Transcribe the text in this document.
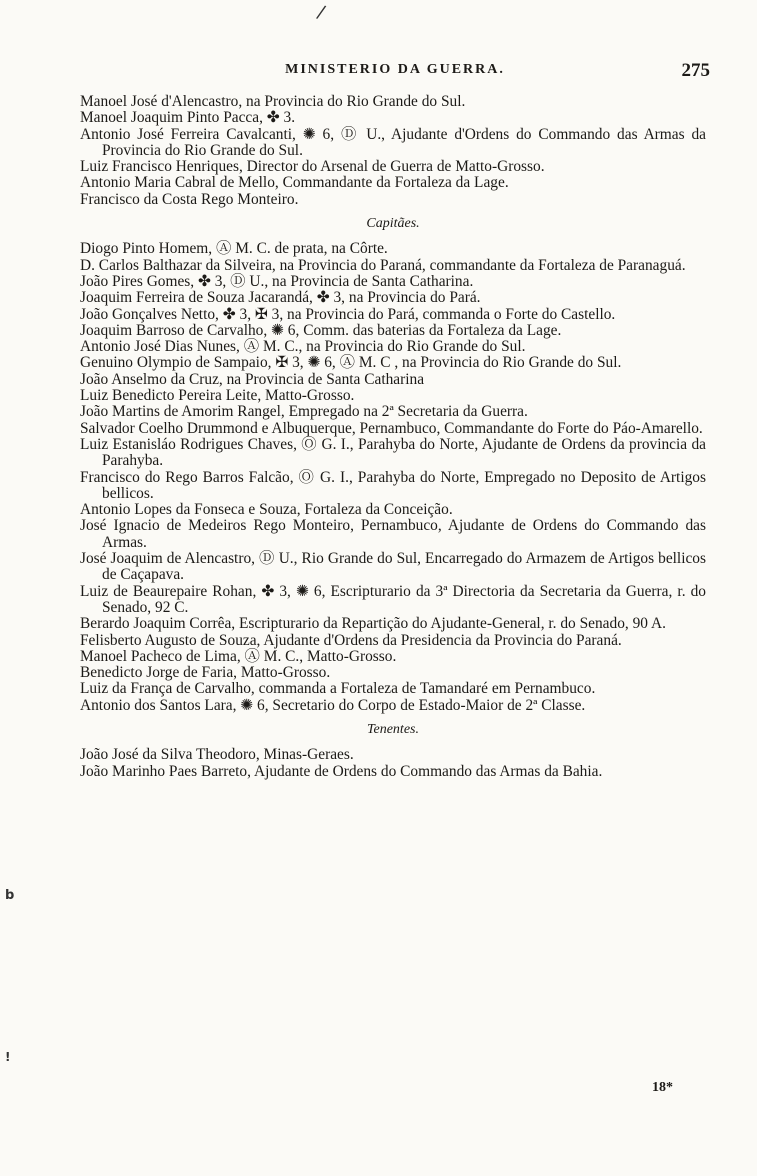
/
b
!
MINISTERIO DA GUERRA.	275
Manoel José d'Alencastro, na Provincia do Rio Grande do Sul.
Manoel Joaquim Pinto Pacca, ✤ 3.
Antonio José Ferreira Cavalcanti, ✺ 6, Ⓓ U., Ajudante d'Ordens do Commando das Armas da Provincia do Rio Grande do Sul.
Luiz Francisco Henriques, Director do Arsenal de Guerra de Matto-Grosso.
Antonio Maria Cabral de Mello, Commandante da Fortaleza da Lage.
Francisco da Costa Rego Monteiro.
Capitães.
Diogo Pinto Homem, Ⓐ M. C. de prata, na Côrte.
D. Carlos Balthazar da Silveira, na Provincia do Paraná, commandante da Fortaleza de Paranaguá.
João Pires Gomes, ✤ 3, Ⓓ U., na Provincia de Santa Catharina.
Joaquim Ferreira de Souza Jacarandá, ✤ 3, na Provincia do Pará.
João Gonçalves Netto, ✤ 3, ✠ 3, na Provincia do Pará, commanda o Forte do Castello.
Joaquim Barroso de Carvalho, ✺ 6, Comm. das baterias da Fortaleza da Lage.
Antonio José Dias Nunes, Ⓐ M. C., na Provincia do Rio Grande do Sul.
Genuino Olympio de Sampaio, ✠ 3, ✺ 6, Ⓐ M. C , na Provincia do Rio Grande do Sul.
João Anselmo da Cruz, na Provincia de Santa Catharina
Luiz Benedicto Pereira Leite, Matto-Grosso.
João Martins de Amorim Rangel, Empregado na 2ª Secretaria da Guerra.
Salvador Coelho Drummond e Albuquerque, Pernambuco, Commandante do Forte do Páo-Amarello.
Luiz Estanisláo Rodrigues Chaves, Ⓞ G. I., Parahyba do Norte, Ajudante de Ordens da provincia da Parahyba.
Francisco do Rego Barros Falcão, Ⓞ G. I., Parahyba do Norte, Empregado no Deposito de Artigos bellicos.
Antonio Lopes da Fonseca e Souza, Fortaleza da Conceição.
José Ignacio de Medeiros Rego Monteiro, Pernambuco, Ajudante de Ordens do Commando das Armas.
José Joaquim de Alencastro, Ⓓ U., Rio Grande do Sul, Encarregado do Armazem de Artigos bellicos de Caçapava.
Luiz de Beaurepaire Rohan, ✤ 3, ✺ 6, Escripturario da 3ª Directoria da Secretaria da Guerra, r. do Senado, 92 C.
Berardo Joaquim Corrêa, Escripturario da Repartição do Ajudante-General, r. do Senado, 90 A.
Felisberto Augusto de Souza, Ajudante d'Ordens da Presidencia da Provincia do Paraná.
Manoel Pacheco de Lima, Ⓐ M. C., Matto-Grosso.
Benedicto Jorge de Faria, Matto-Grosso.
Luiz da França de Carvalho, commanda a Fortaleza de Tamandaré em Pernambuco.
Antonio dos Santos Lara, ✺ 6, Secretario do Corpo de Estado-Maior de 2ª Classe.
Tenentes.
João José da Silva Theodoro, Minas-Geraes.
João Marinho Paes Barreto, Ajudante de Ordens do Commando das Armas da Bahia.
18*
